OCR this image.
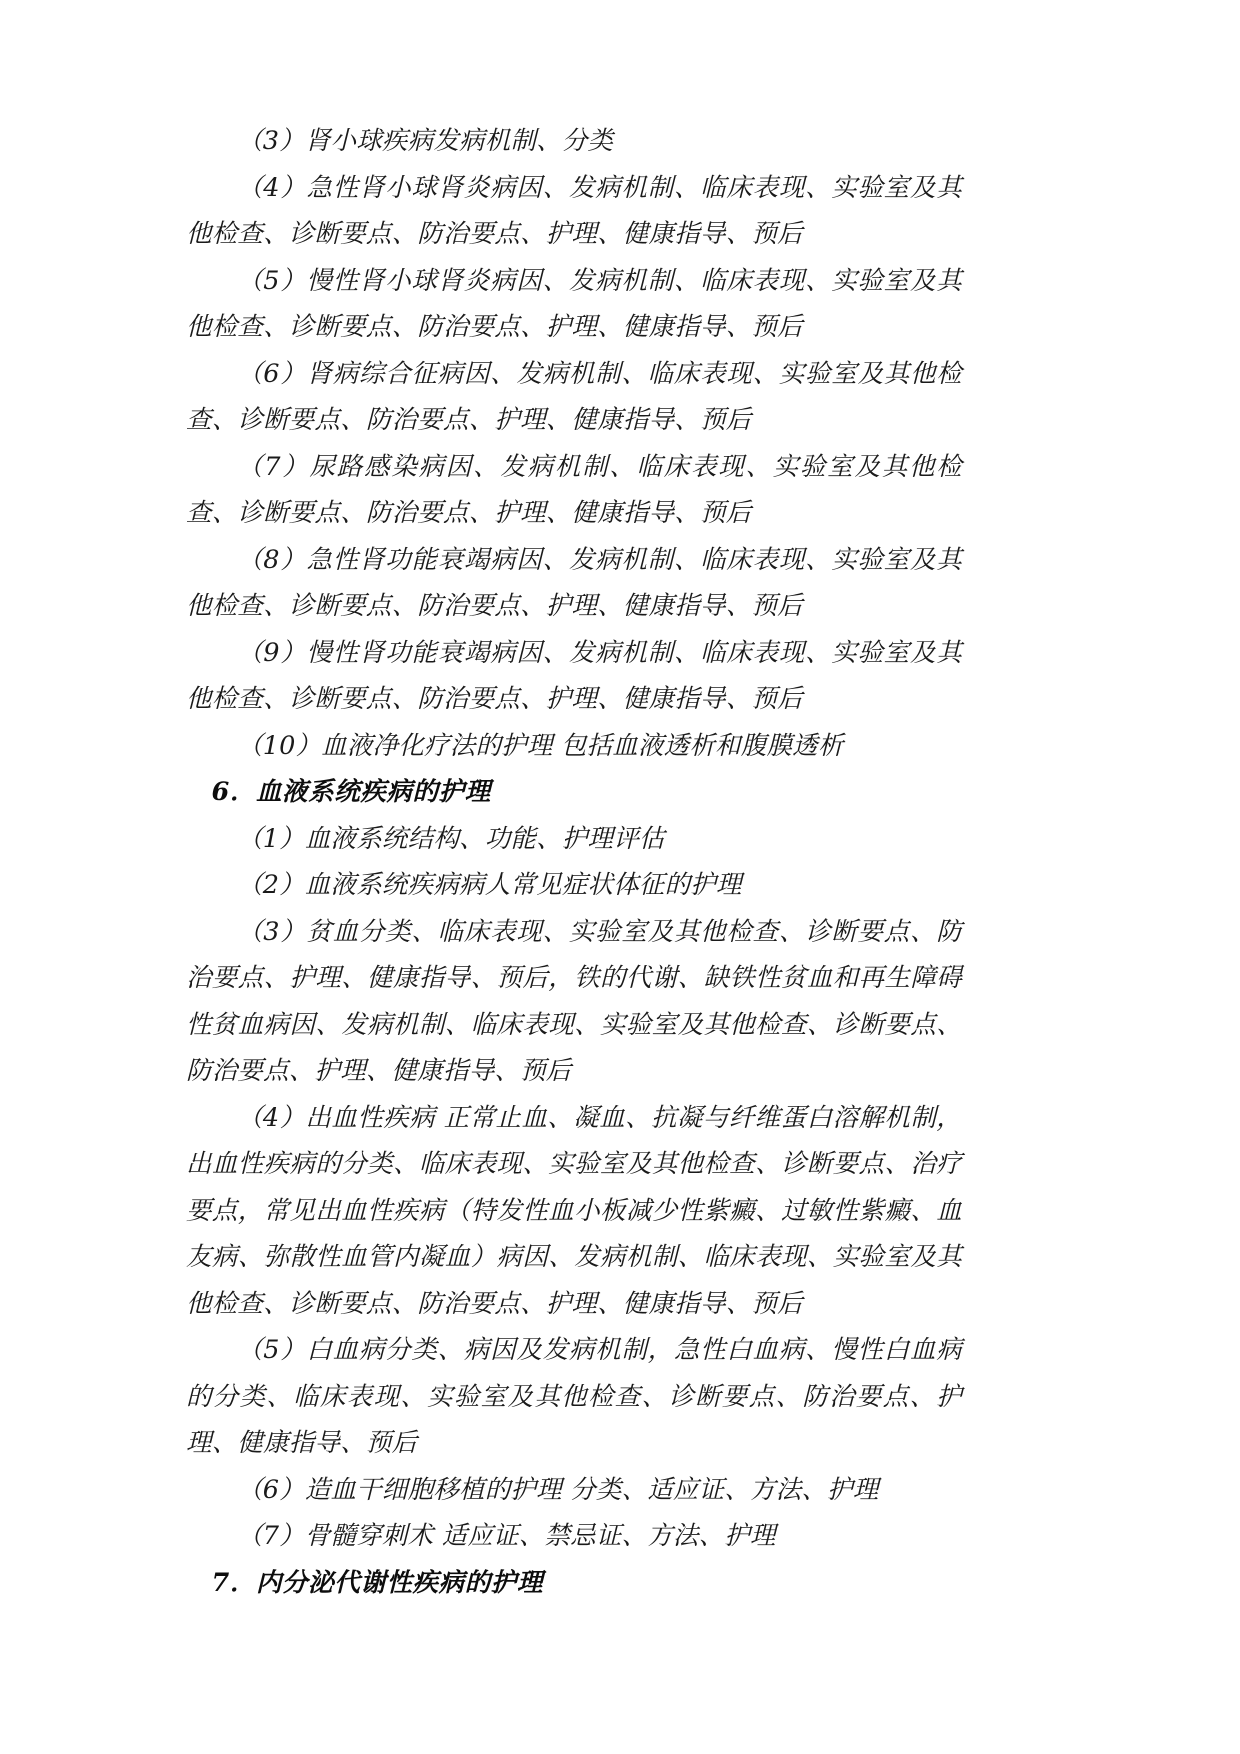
（3）肾小球疾病发病机制、分类

（4）急性肾小球肾炎病因、发病机制、临床表现、实验室及其他检查、诊断要点、防治要点、护理、健康指导、预后

（5）慢性肾小球肾炎病因、发病机制、临床表现、实验室及其他检查、诊断要点、防治要点、护理、健康指导、预后

（6）肾病综合征病因、发病机制、临床表现、实验室及其他检查、诊断要点、防治要点、护理、健康指导、预后

（7）尿路感染病因、发病机制、临床表现、实验室及其他检查、诊断要点、防治要点、护理、健康指导、预后

（8）急性肾功能衰竭病因、发病机制、临床表现、实验室及其他检查、诊断要点、防治要点、护理、健康指导、预后

（9）慢性肾功能衰竭病因、发病机制、临床表现、实验室及其他检查、诊断要点、防治要点、护理、健康指导、预后

（10）血液净化疗法的护理 包括血液透析和腹膜透析

6．血液系统疾病的护理

（1）血液系统结构、功能、护理评估

（2）血液系统疾病病人常见症状体征的护理

（3）贫血分类、临床表现、实验室及其他检查、诊断要点、防治要点、护理、健康指导、预后，铁的代谢、缺铁性贫血和再生障碍性贫血病因、发病机制、临床表现、实验室及其他检查、诊断要点、防治要点、护理、健康指导、预后

（4）出血性疾病 正常止血、凝血、抗凝与纤维蛋白溶解机制，出血性疾病的分类、临床表现、实验室及其他检查、诊断要点、治疗要点，常见出血性疾病（特发性血小板减少性紫癜、过敏性紫癜、血友病、弥散性血管内凝血）病因、发病机制、临床表现、实验室及其他检查、诊断要点、防治要点、护理、健康指导、预后

（5）白血病分类、病因及发病机制，急性白血病、慢性白血病的分类、临床表现、实验室及其他检查、诊断要点、防治要点、护理、健康指导、预后

（6）造血干细胞移植的护理 分类、适应证、方法、护理

（7）骨髓穿刺术 适应证、禁忌证、方法、护理

7．内分泌代谢性疾病的护理
